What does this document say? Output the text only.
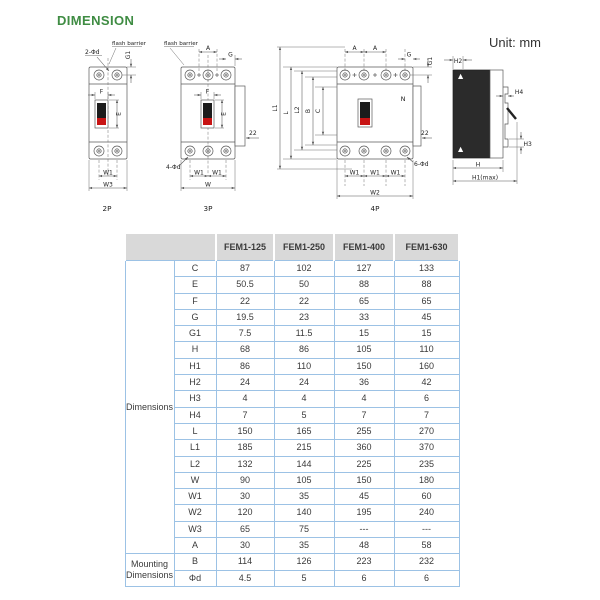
DIMENSION
Unit: mm
F
E
G1
2-Φd
flash barrier
W1
W3
2P
F
E
A
G
flash barrier
22
4-Φd
W1 W1
W
3P
N
A	A
G
G1
22
6-Φd
W1 W1 W1
W2
4P
L1
L L2 B C
H2
H4
H3
H
H1(max)
		FEM1-125	FEM1-250	FEM1-400	FEM1-630
Dimensions	C	87	102	127	133
	E	50.5	50	88	88
	F	22	22	65	65
	G	19.5	23	33	45
	G1	7.5	11.5	15	15
	H	68	86	105	110
	H1	86	110	150	160
	H2	24	24	36	42
	H3	4	4	4	6
	H4	7	5	7	7
	L	150	165	255	270
	L1	185	215	360	370
	L2	132	144	225	235
	W	90	105	150	180
	W1	30	35	45	60
	W2	120	140	195	240
	W3	65	75	---	---
	A	30	35	48	58
Mounting Dimensions	B	114	126	223	232
	Φd	4.5	5	6	6
